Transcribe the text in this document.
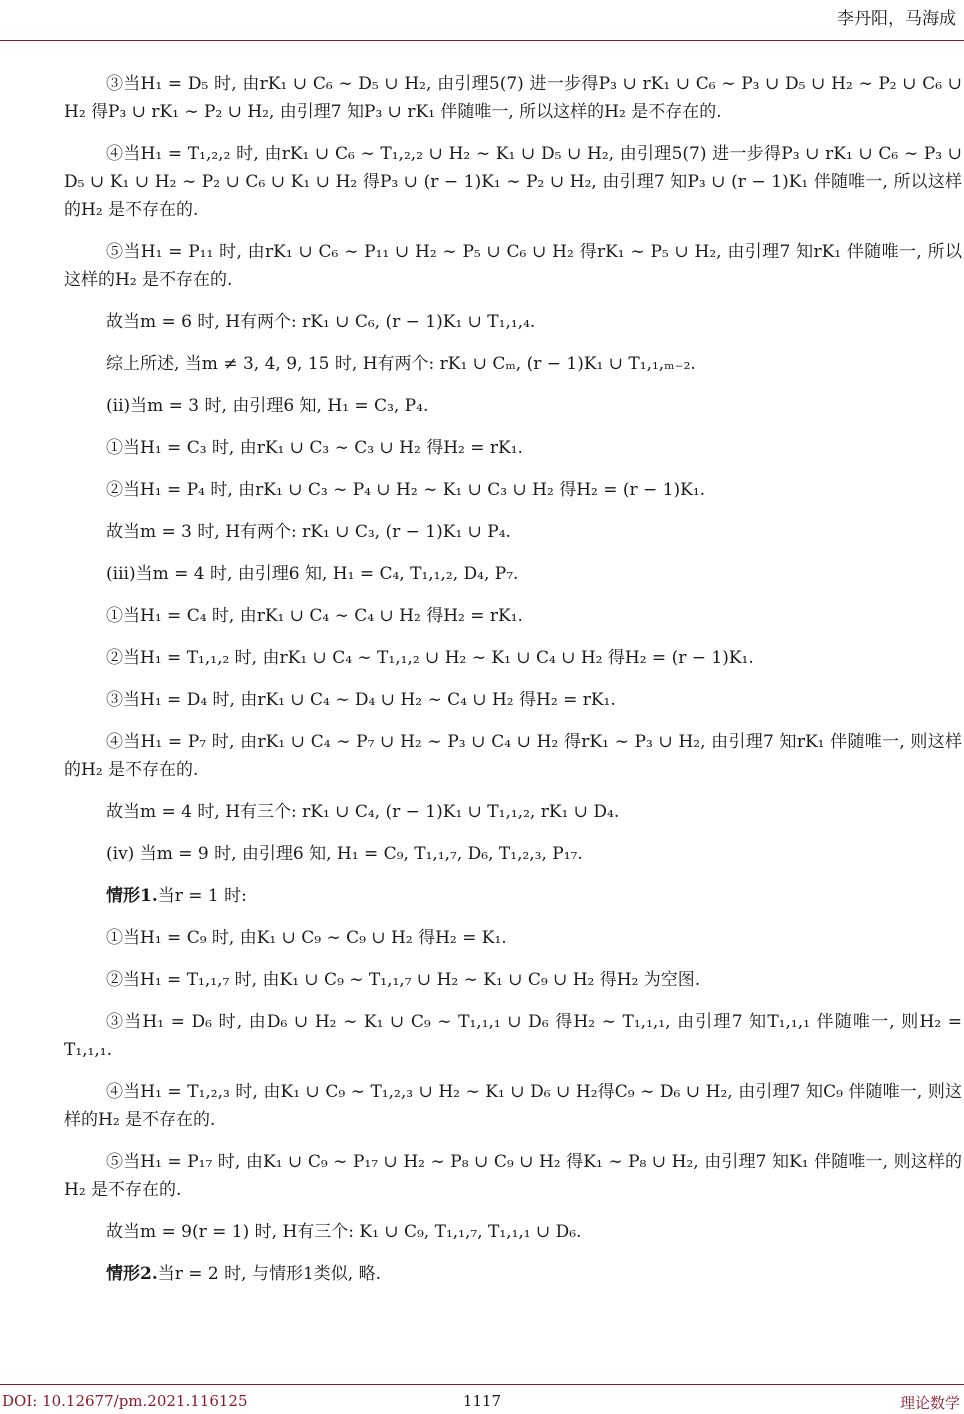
李丹阳，马海成

③当H₁ = D₅ 时, 由rK₁ ∪ C₆ ∼ D₅ ∪ H₂, 由引理5(7) 进一步得P₃ ∪ rK₁ ∪ C₆ ∼ P₃ ∪ D₅ ∪ H₂ ∼ P₂ ∪ C₆ ∪ H₂ 得P₃ ∪ rK₁ ∼ P₂ ∪ H₂, 由引理7 知P₃ ∪ rK₁ 伴随唯一, 所以这样的H₂ 是不存在的.

④当H₁ = T₁,₂,₂ 时, 由rK₁ ∪ C₆ ∼ T₁,₂,₂ ∪ H₂ ∼ K₁ ∪ D₅ ∪ H₂, 由引理5(7) 进一步得P₃ ∪ rK₁ ∪ C₆ ∼ P₃ ∪ D₅ ∪ K₁ ∪ H₂ ∼ P₂ ∪ C₆ ∪ K₁ ∪ H₂ 得P₃ ∪ (r − 1)K₁ ∼ P₂ ∪ H₂, 由引理7 知P₃ ∪ (r − 1)K₁ 伴随唯一, 所以这样的H₂ 是不存在的.

⑤当H₁ = P₁₁ 时, 由rK₁ ∪ C₆ ∼ P₁₁ ∪ H₂ ∼ P₅ ∪ C₆ ∪ H₂ 得rK₁ ∼ P₅ ∪ H₂, 由引理7 知rK₁ 伴随唯一, 所以这样的H₂ 是不存在的.

故当m = 6 时, H有两个: rK₁ ∪ C₆, (r − 1)K₁ ∪ T₁,₁,₄.

综上所述, 当m ≠ 3, 4, 9, 15 时, H有两个: rK₁ ∪ Cₘ, (r − 1)K₁ ∪ T₁,₁,ₘ₋₂.

(ii)当m = 3 时, 由引理6 知, H₁ = C₃, P₄.

①当H₁ = C₃ 时, 由rK₁ ∪ C₃ ∼ C₃ ∪ H₂ 得H₂ = rK₁.

②当H₁ = P₄ 时, 由rK₁ ∪ C₃ ∼ P₄ ∪ H₂ ∼ K₁ ∪ C₃ ∪ H₂ 得H₂ = (r − 1)K₁.

故当m = 3 时, H有两个: rK₁ ∪ C₃, (r − 1)K₁ ∪ P₄.

(iii)当m = 4 时, 由引理6 知, H₁ = C₄, T₁,₁,₂, D₄, P₇.

①当H₁ = C₄ 时, 由rK₁ ∪ C₄ ∼ C₄ ∪ H₂ 得H₂ = rK₁.

②当H₁ = T₁,₁,₂ 时, 由rK₁ ∪ C₄ ∼ T₁,₁,₂ ∪ H₂ ∼ K₁ ∪ C₄ ∪ H₂ 得H₂ = (r − 1)K₁.

③当H₁ = D₄ 时, 由rK₁ ∪ C₄ ∼ D₄ ∪ H₂ ∼ C₄ ∪ H₂ 得H₂ = rK₁.

④当H₁ = P₇ 时, 由rK₁ ∪ C₄ ∼ P₇ ∪ H₂ ∼ P₃ ∪ C₄ ∪ H₂ 得rK₁ ∼ P₃ ∪ H₂, 由引理7 知rK₁ 伴随唯一, 则这样的H₂ 是不存在的.

故当m = 4 时, H有三个: rK₁ ∪ C₄, (r − 1)K₁ ∪ T₁,₁,₂, rK₁ ∪ D₄.

(iv) 当m = 9 时, 由引理6 知, H₁ = C₉, T₁,₁,₇, D₆, T₁,₂,₃, P₁₇.

情形1.当r = 1 时:

①当H₁ = C₉ 时, 由K₁ ∪ C₉ ∼ C₉ ∪ H₂ 得H₂ = K₁.

②当H₁ = T₁,₁,₇ 时, 由K₁ ∪ C₉ ∼ T₁,₁,₇ ∪ H₂ ∼ K₁ ∪ C₉ ∪ H₂ 得H₂ 为空图.

③当H₁ = D₆ 时, 由D₆ ∪ H₂ ∼ K₁ ∪ C₉ ∼ T₁,₁,₁ ∪ D₆ 得H₂ ∼ T₁,₁,₁, 由引理7 知T₁,₁,₁ 伴随唯一, 则H₂ = T₁,₁,₁.

④当H₁ = T₁,₂,₃ 时, 由K₁ ∪ C₉ ∼ T₁,₂,₃ ∪ H₂ ∼ K₁ ∪ D₆ ∪ H₂得C₉ ∼ D₆ ∪ H₂, 由引理7 知C₉ 伴随唯一, 则这样的H₂ 是不存在的.

⑤当H₁ = P₁₇ 时, 由K₁ ∪ C₉ ∼ P₁₇ ∪ H₂ ∼ P₈ ∪ C₉ ∪ H₂ 得K₁ ∼ P₈ ∪ H₂, 由引理7 知K₁ 伴随唯一, 则这样的H₂ 是不存在的.

故当m = 9(r = 1) 时, H有三个: K₁ ∪ C₉, T₁,₁,₇, T₁,₁,₁ ∪ D₆.

情形2.当r = 2 时, 与情形1类似, 略.

DOI: 10.12677/pm.2021.116125	1117	理论数学
